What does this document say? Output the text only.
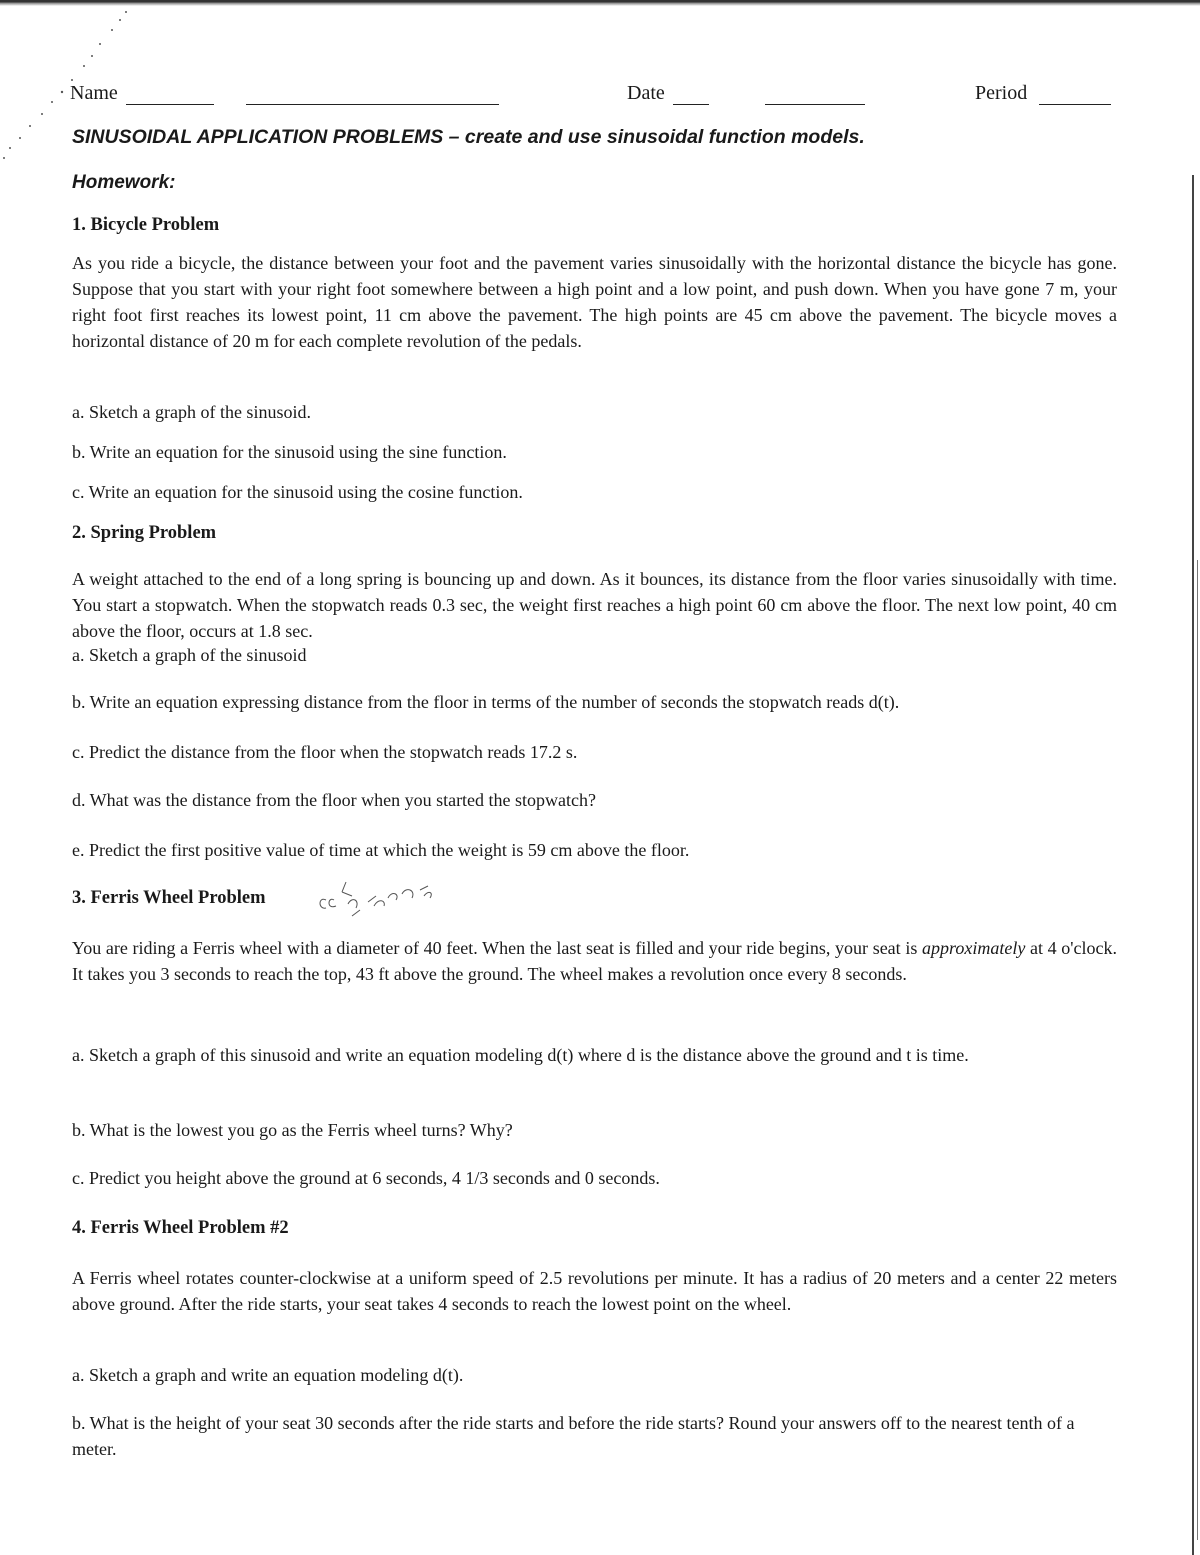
Name	Date	Period
SINUSOIDAL APPLICATION PROBLEMS – create and use sinusoidal function models.
Homework:
1. Bicycle Problem
As you ride a bicycle, the distance between your foot and the pavement varies sinusoidally with the horizontal distance the bicycle has gone. Suppose that you start with your right foot somewhere between a high point and a low point, and push down. When you have gone 7 m, your right foot first reaches its lowest point, 11 cm above the pavement. The high points are 45 cm above the pavement. The bicycle moves a horizontal distance of 20 m for each complete revolution of the pedals.
a. Sketch a graph of the sinusoid.
b. Write an equation for the sinusoid using the sine function.
c. Write an equation for the sinusoid using the cosine function.
2. Spring Problem
A weight attached to the end of a long spring is bouncing up and down. As it bounces, its distance from the floor varies sinusoidally with time. You start a stopwatch. When the stopwatch reads 0.3 sec, the weight first reaches a high point 60 cm above the floor. The next low point, 40 cm above the floor, occurs at 1.8 sec.
a. Sketch a graph of the sinusoid
b. Write an equation expressing distance from the floor in terms of the number of seconds the stopwatch reads d(t).
c. Predict the distance from the floor when the stopwatch reads 17.2 s.
d. What was the distance from the floor when you started the stopwatch?
e. Predict the first positive value of time at which the weight is 59 cm above the floor.
3. Ferris Wheel Problem
You are riding a Ferris wheel with a diameter of 40 feet. When the last seat is filled and your ride begins, your seat is approximately at 4 o'clock. It takes you 3 seconds to reach the top, 43 ft above the ground. The wheel makes a revolution once every 8 seconds.
a. Sketch a graph of this sinusoid and write an equation modeling d(t) where d is the distance above the ground and t is time.
b. What is the lowest you go as the Ferris wheel turns? Why?
c. Predict you height above the ground at 6 seconds, 4 1/3 seconds and 0 seconds.
4. Ferris Wheel Problem #2
A Ferris wheel rotates counter-clockwise at a uniform speed of 2.5 revolutions per minute. It has a radius of 20 meters and a center 22 meters above ground. After the ride starts, your seat takes 4 seconds to reach the lowest point on the wheel.
a. Sketch a graph and write an equation modeling d(t).
b. What is the height of your seat 30 seconds after the ride starts and before the ride starts? Round your answers off to the nearest tenth of a meter.
